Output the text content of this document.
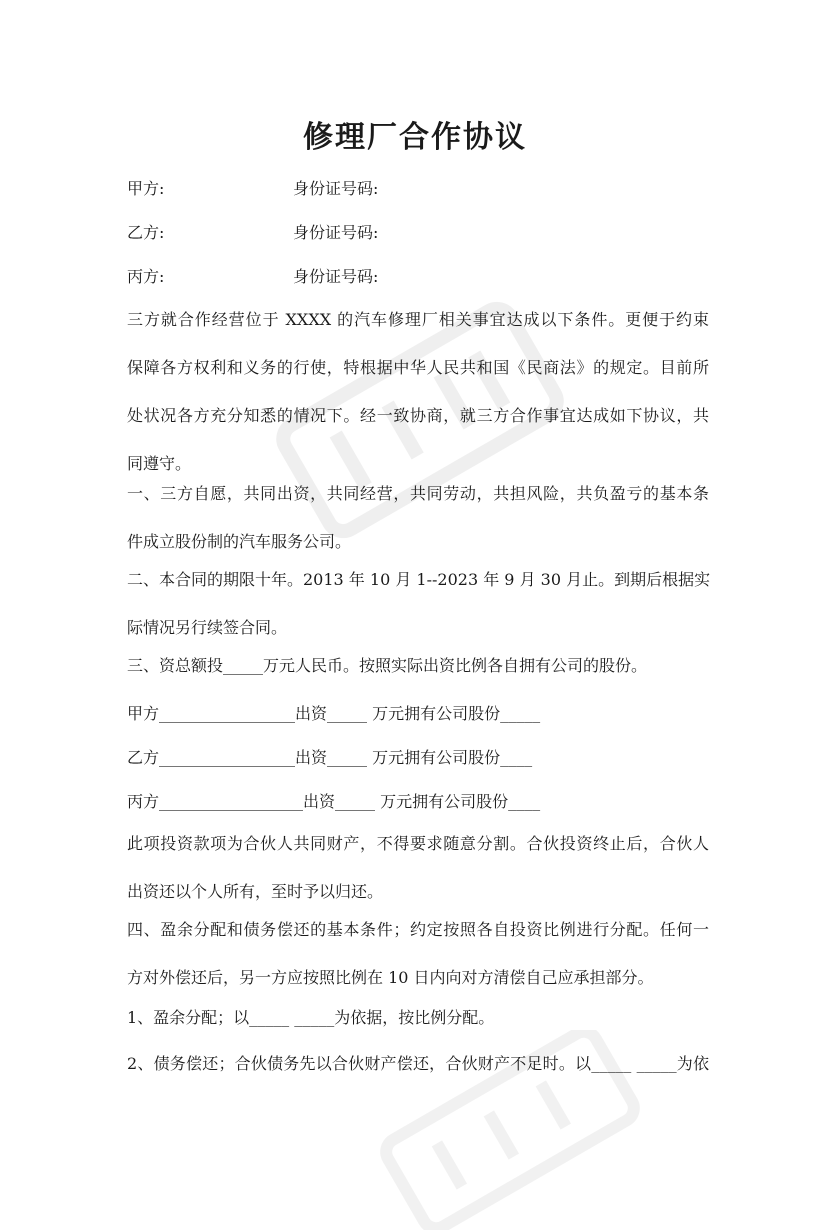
修理厂合作协议
甲方:	身份证号码:
乙方:	身份证号码:
丙方:	身份证号码:
三方就合作经营位于 XXXX 的汽车修理厂相关事宜达成以下条件。更便于约束
保障各方权利和义务的行使，特根据中华人民共和国《民商法》的规定。目前所
处状况各方充分知悉的情况下。经一致协商，就三方合作事宜达成如下协议，共
同遵守。
一、三方自愿，共同出资，共同经营，共同劳动，共担风险，共负盈亏的基本条
件成立股份制的汽车服务公司。
二、本合同的期限十年。2013 年 10 月 1--2023 年 9 月 30 月止。到期后根据实
际情况另行续签合同。
三、资总额投_____万元人民币。按照实际出资比例各自拥有公司的股份。
甲方_________________出资_____ 万元拥有公司股份_____
乙方_________________出资_____ 万元拥有公司股份____
丙方__________________出资_____ 万元拥有公司股份____
此项投资款项为合伙人共同财产，不得要求随意分割。合伙投资终止后，合伙人
出资还以个人所有，至时予以归还。
四、盈余分配和债务偿还的基本条件；约定按照各自投资比例进行分配。任何一
方对外偿还后，另一方应按照比例在 10 日内向对方清偿自己应承担部分。
1、盈余分配；以_____ _____为依据，按比例分配。
2、债务偿还；合伙债务先以合伙财产偿还，合伙财产不足时。以_____ _____为依
